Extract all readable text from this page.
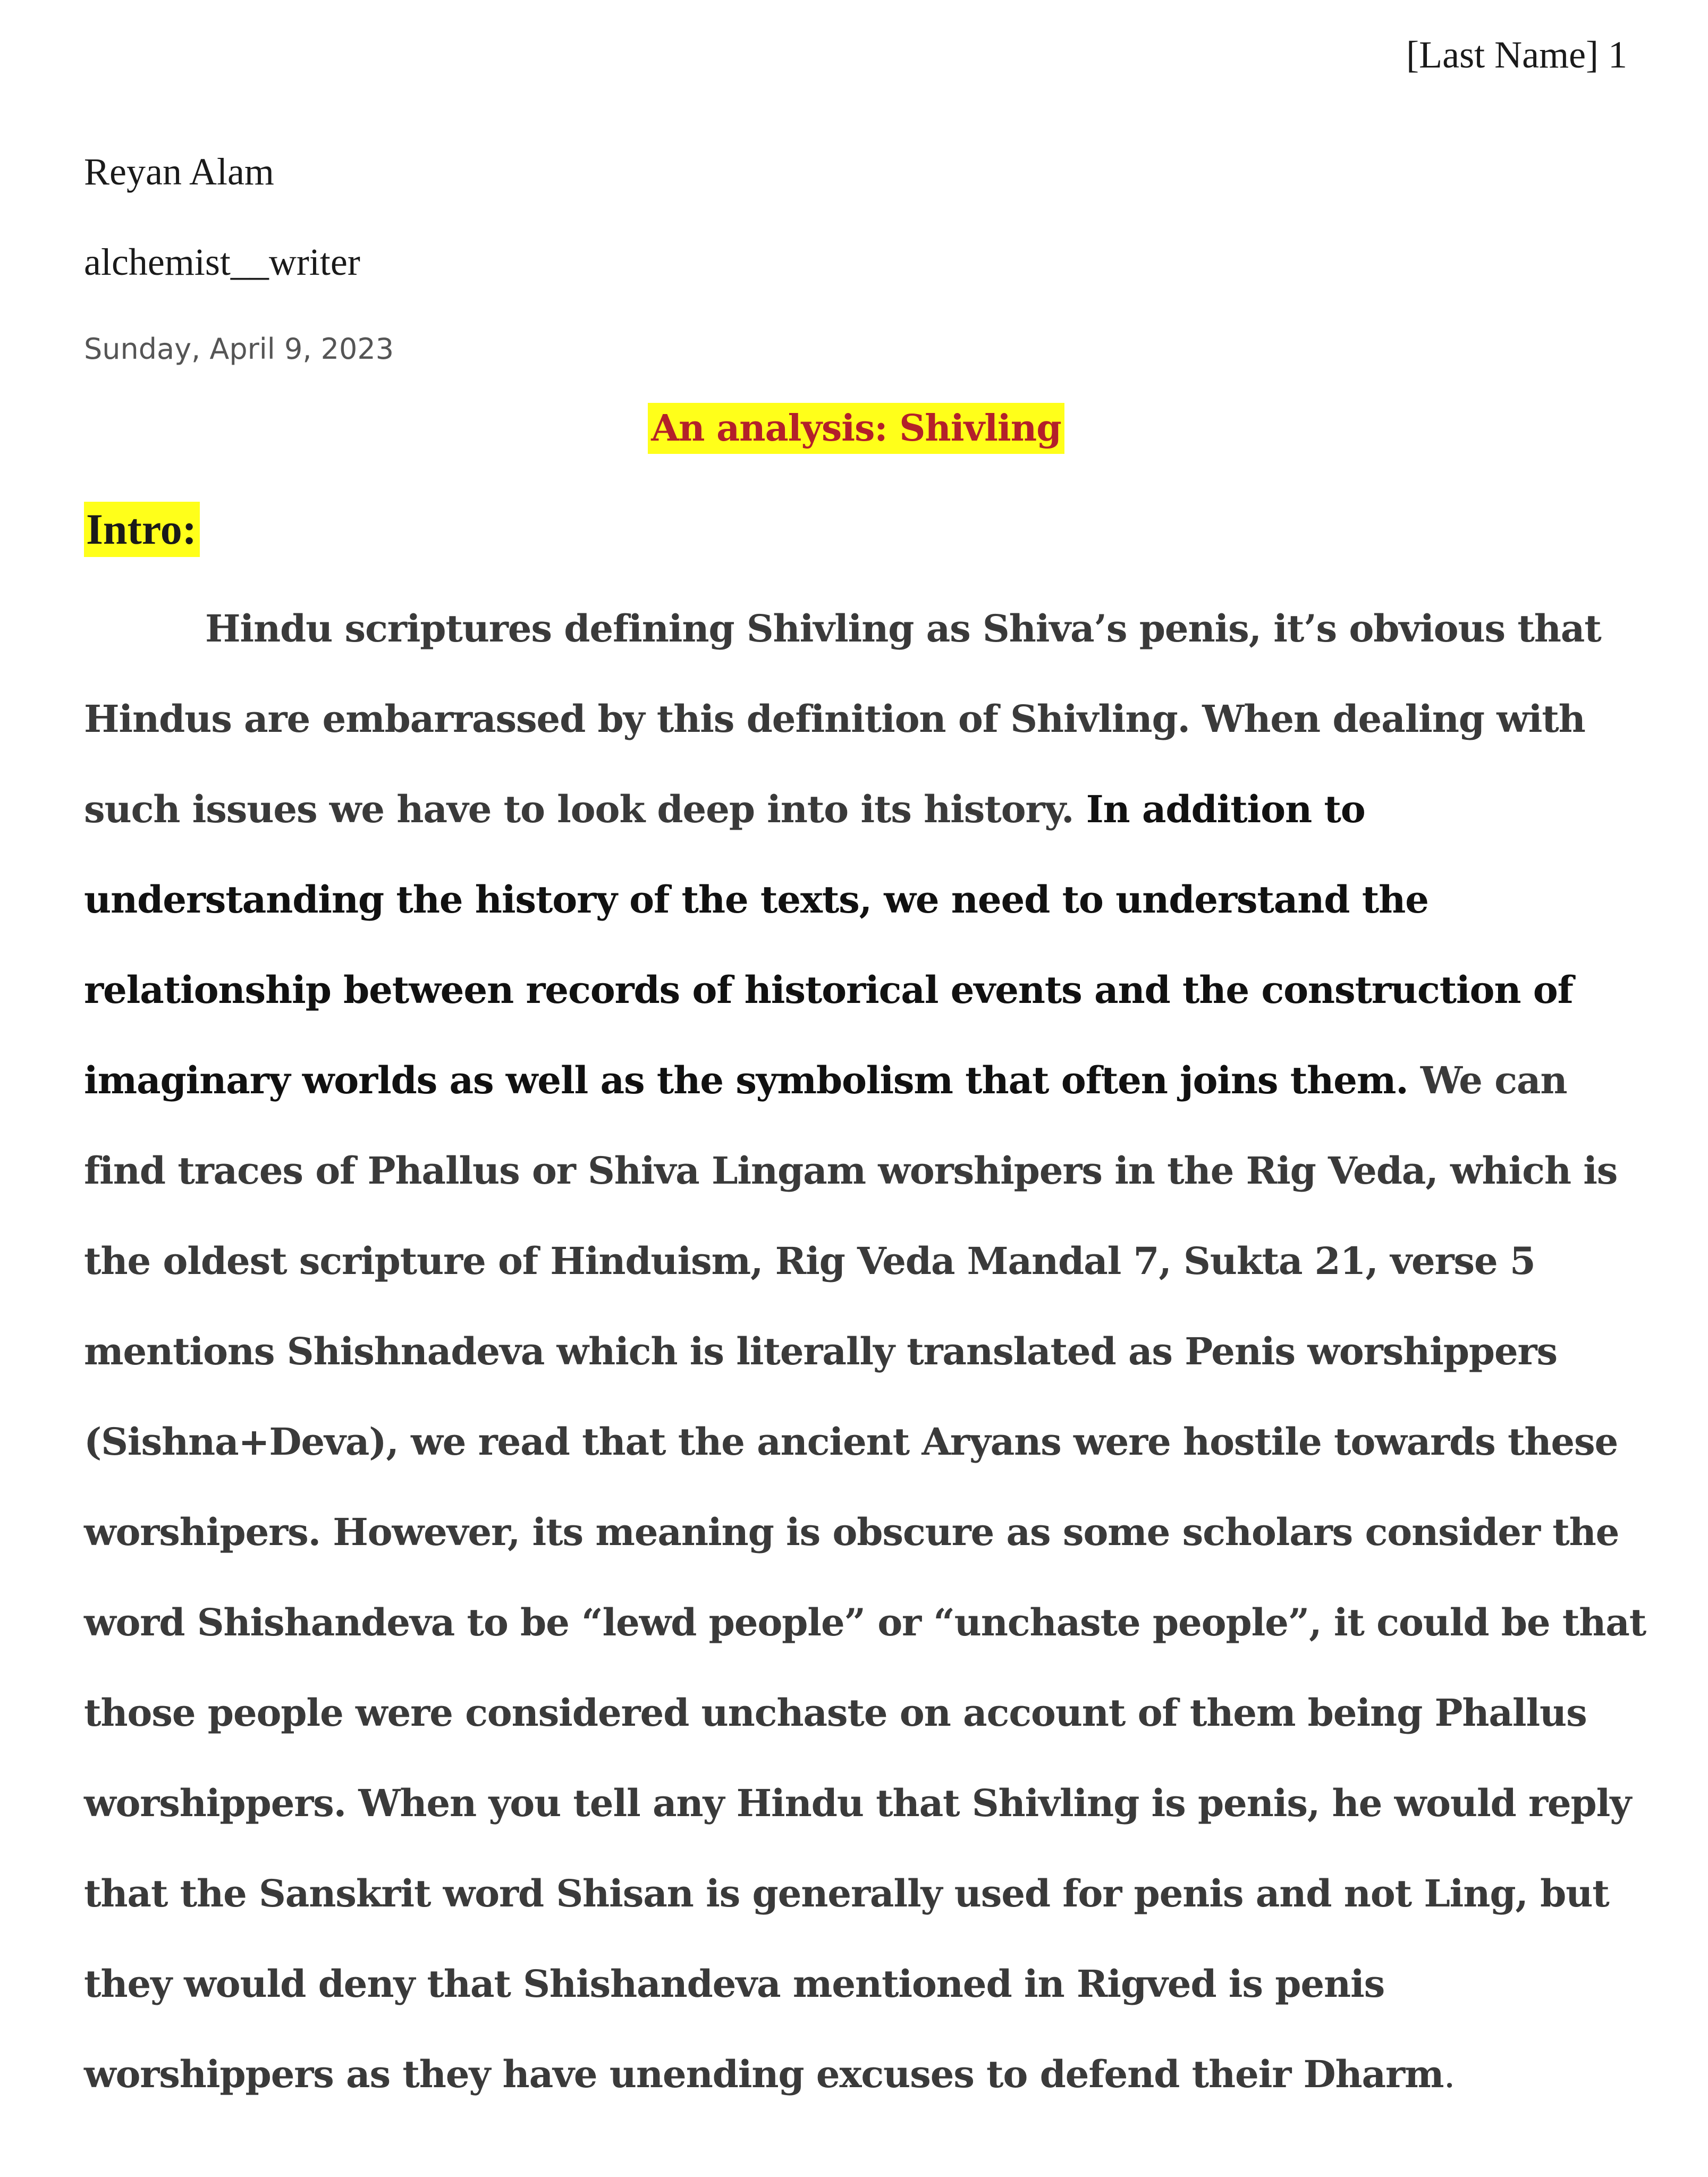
[Last Name] 1
Reyan Alam
alchemist__writer
Sunday, April 9, 2023
An analysis: Shivling
Intro:
Hindu scriptures defining Shivling as Shiva’s penis, it’s obvious that
Hindus are embarrassed by this definition of Shivling. When dealing with
such issues we have to look deep into its history. In addition to
understanding the history of the texts, we need to understand the
relationship between records of historical events and the construction of
imaginary worlds as well as the symbolism that often joins them. We can
find traces of Phallus or Shiva Lingam worshipers in the Rig Veda, which is
the oldest scripture of Hinduism, Rig Veda Mandal 7, Sukta 21, verse 5
mentions Shishnadeva which is literally translated as Penis worshippers
(Sishna+Deva), we read that the ancient Aryans were hostile towards these
worshipers. However, its meaning is obscure as some scholars consider the
word Shishandeva to be “lewd people” or “unchaste people”, it could be that
those people were considered unchaste on account of them being Phallus
worshippers. When you tell any Hindu that Shivling is penis, he would reply
that the Sanskrit word Shisan is generally used for penis and not Ling, but
they would deny that Shishandeva mentioned in Rigved is penis
worshippers as they have unending excuses to defend their Dharm.
